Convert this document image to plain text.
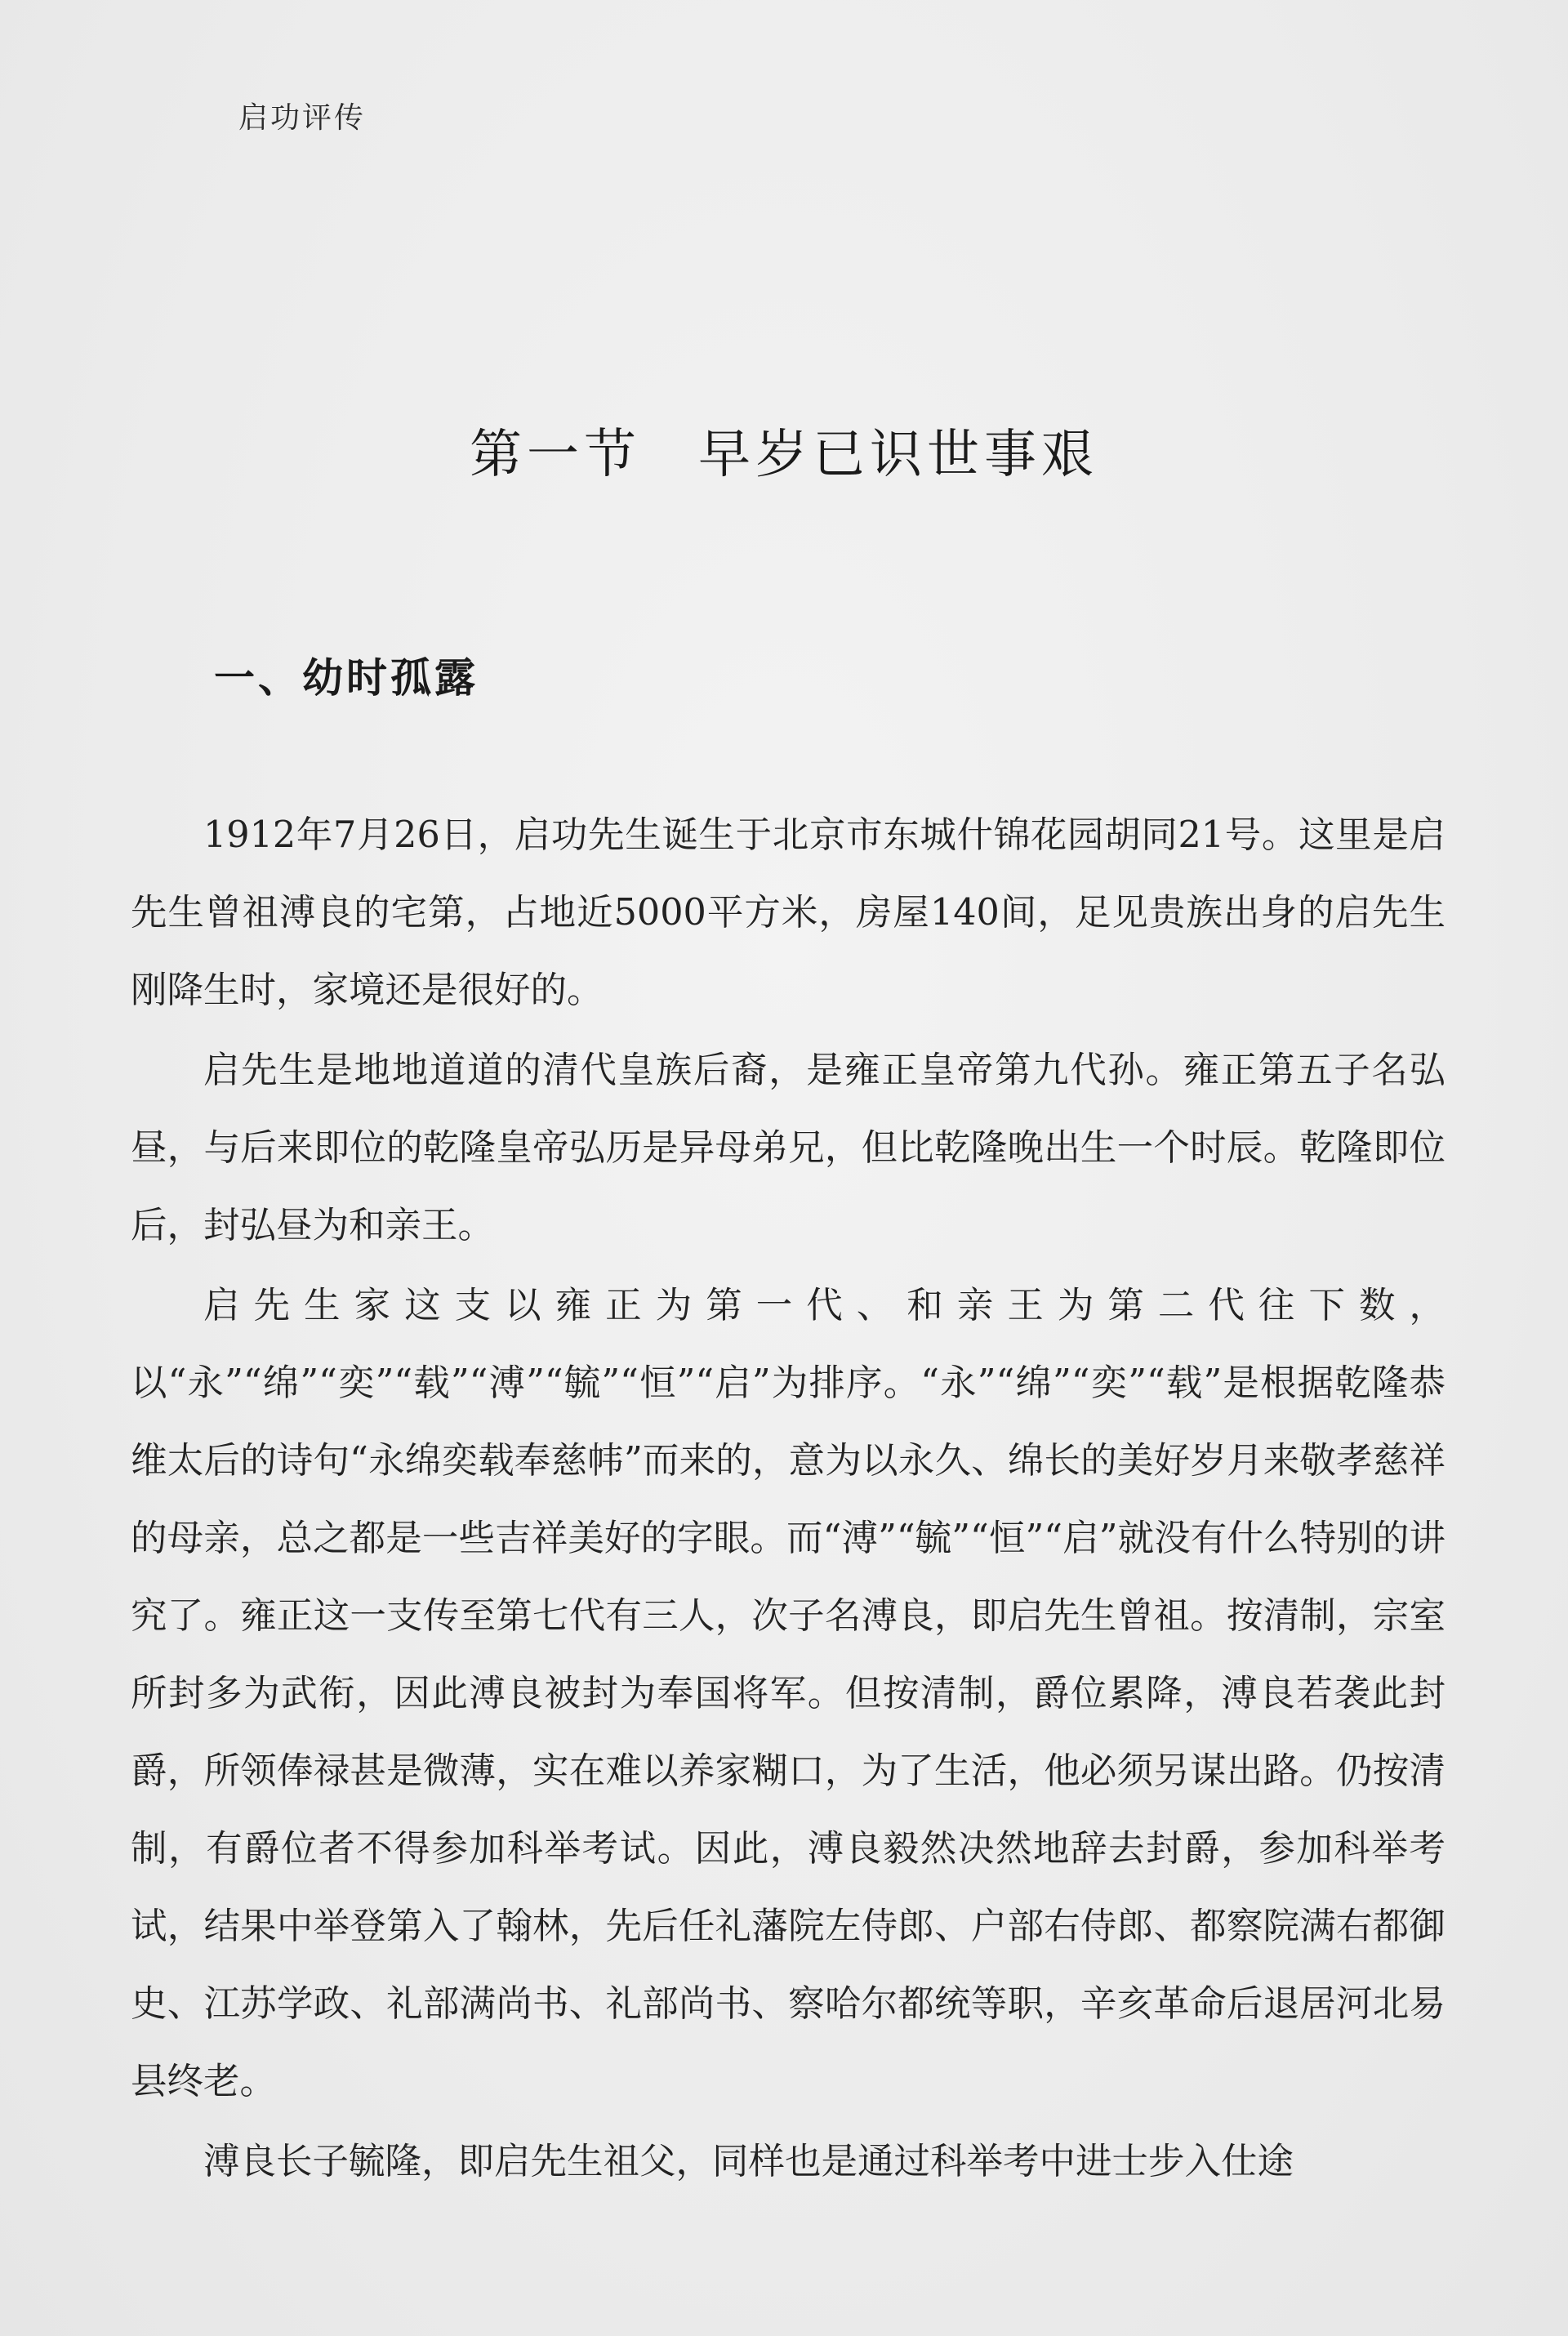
启功评传
第一节 早岁已识世事艰
一、幼时孤露

1912年7月26日，启功先生诞生于北京市东城什锦花园胡同21号。这里是启先生曾祖溥良的宅第，占地近5000平方米，房屋140间，足见贵族出身的启先生刚降生时，家境还是很好的。

启先生是地地道道的清代皇族后裔，是雍正皇帝第九代孙。雍正第五子名弘昼，与后来即位的乾隆皇帝弘历是异母弟兄，但比乾隆晚出生一个时辰。乾隆即位后，封弘昼为和亲王。

启先生家这支以雍正为第一代、和亲王为第二代往下数，以“永”“绵”“奕”“载”“溥”“毓”“恒”“启”为排序。“永”“绵”“奕”“载”是根据乾隆恭维太后的诗句“永绵奕载奉慈帏”而来的，意为以永久、绵长的美好岁月来敬孝慈祥的母亲，总之都是一些吉祥美好的字眼。而“溥”“毓”“恒”“启”就没有什么特别的讲究了。雍正这一支传至第七代有三人，次子名溥良，即启先生曾祖。按清制，宗室所封多为武衔，因此溥良被封为奉国将军。但按清制，爵位累降，溥良若袭此封爵，所领俸禄甚是微薄，实在难以养家糊口，为了生活，他必须另谋出路。仍按清制，有爵位者不得参加科举考试。因此，溥良毅然决然地辞去封爵，参加科举考试，结果中举登第入了翰林，先后任礼藩院左侍郎、户部右侍郎、都察院满右都御史、江苏学政、礼部满尚书、礼部尚书、察哈尔都统等职，辛亥革命后退居河北易县终老。

溥良长子毓隆，即启先生祖父，同样也是通过科举考中进士步入仕途
